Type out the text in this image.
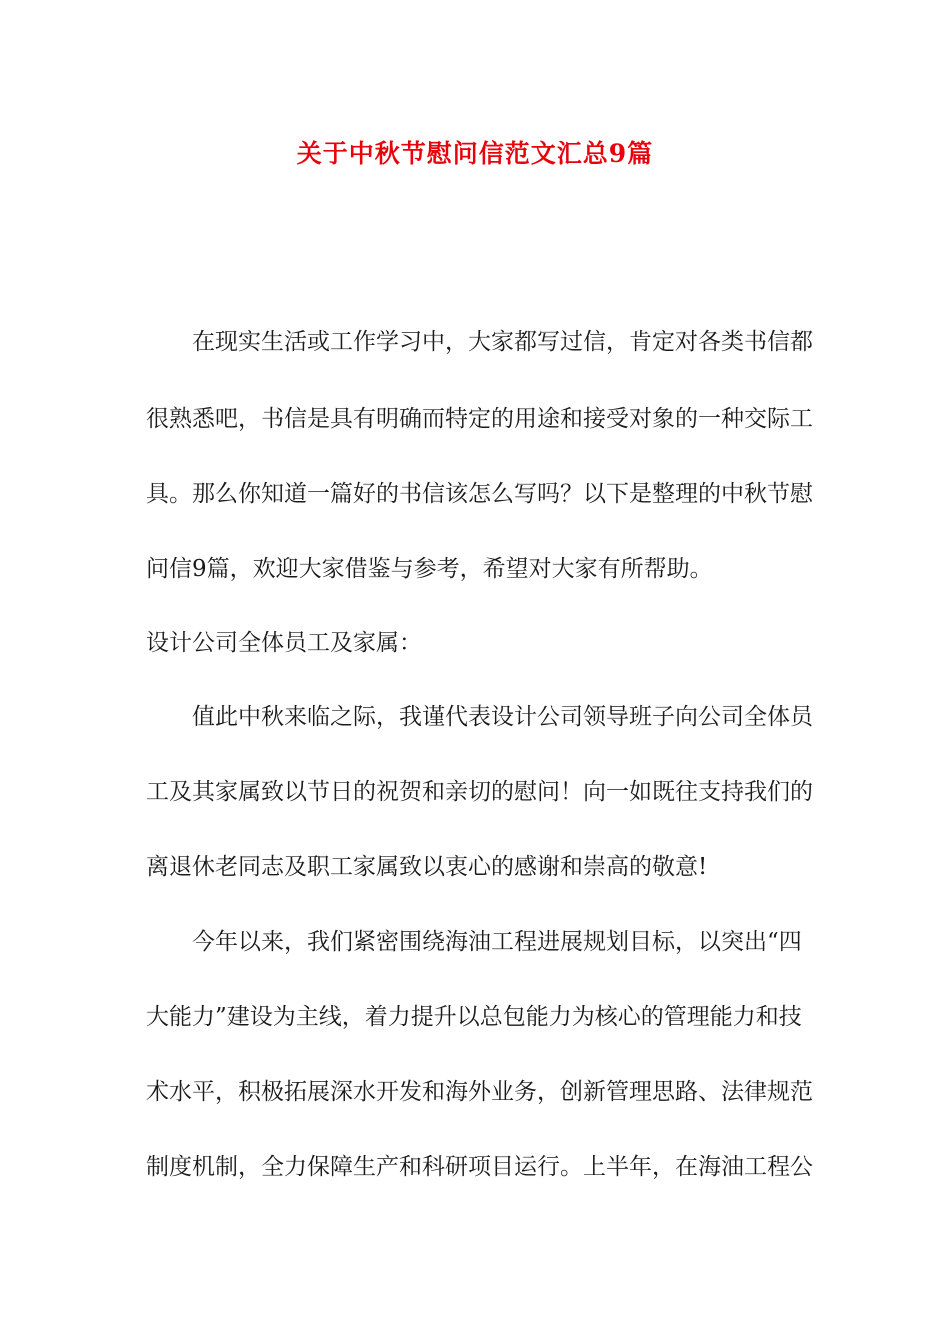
关于中秋节慰问信范文汇总9篇
在现实生活或工作学习中，大家都写过信，肯定对各类书信都
很熟悉吧，书信是具有明确而特定的用途和接受对象的一种交际工
具。那么你知道一篇好的书信该怎么写吗？以下是整理的中秋节慰
问信9篇，欢迎大家借鉴与参考，希望对大家有所帮助。
设计公司全体员工及家属：
值此中秋来临之际，我谨代表设计公司领导班子向公司全体员
工及其家属致以节日的祝贺和亲切的慰问！向一如既往支持我们的
离退休老同志及职工家属致以衷心的感谢和崇高的敬意!
今年以来，我们紧密围绕海油工程进展规划目标，以突出“四
大能力”建设为主线，着力提升以总包能力为核心的管理能力和技
术水平，积极拓展深水开发和海外业务，创新管理思路、法律规范
制度机制，全力保障生产和科研项目运行。上半年，在海油工程公
